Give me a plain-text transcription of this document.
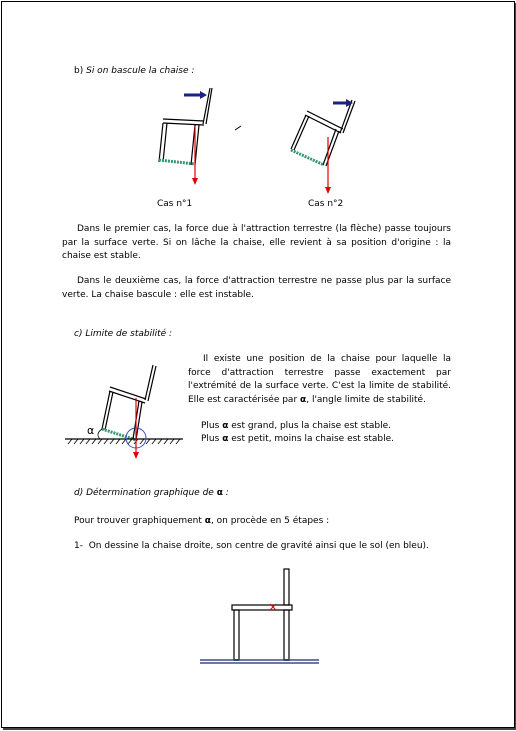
b) Si on bascule la chaise :
Cas n°1	Cas n°2
Dans le premier cas, la force due à l'attraction terrestre (la flèche) passe toujours par la surface verte. Si on lâche la chaise, elle revient à sa position d'origine : la chaise est stable.
Dans le deuxième cas, la force d'attraction terrestre ne passe plus par la surface verte. La chaise bascule : elle est instable.
c) Limite de stabilité :
α
Il existe une position de la chaise pour laquelle la force d'attraction terrestre passe exactement par l'extrémité de la surface verte. C'est la limite de stabilité. Elle est caractérisée par α, l'angle limite de stabilité.
Plus α est grand, plus la chaise est stable.
Plus α est petit, moins la chaise est stable.
d) Détermination graphique de α :
Pour trouver graphiquement α, on procède en 5 étapes :
1- On dessine la chaise droite, son centre de gravité ainsi que le sol (en bleu).
